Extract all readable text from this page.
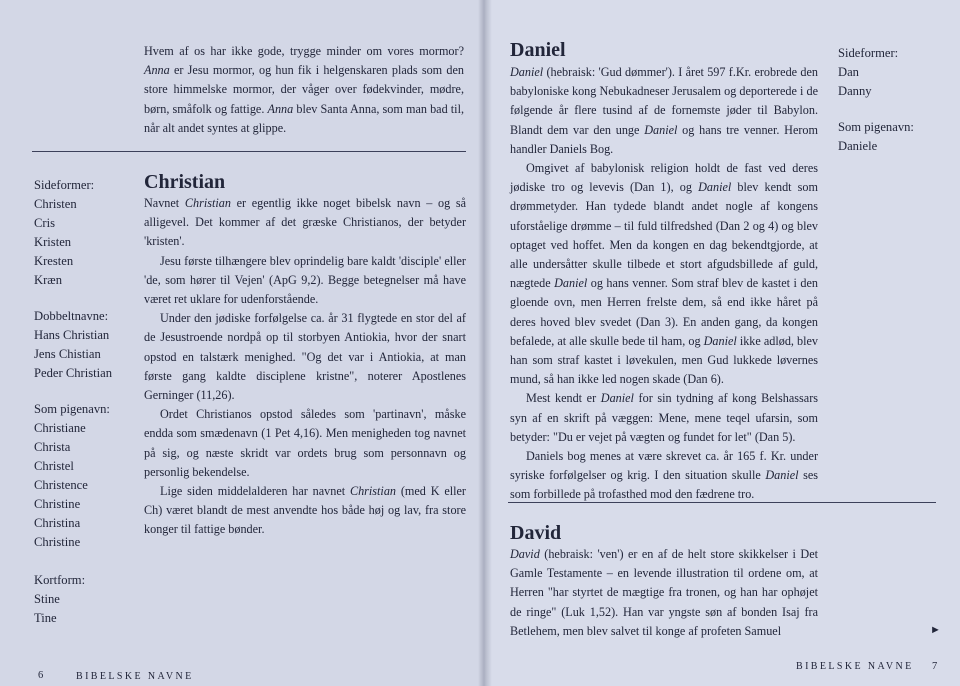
Hvem af os har ikke gode, trygge minder om vores mormor? Anna er Jesu mormor, og hun fik i helgenskaren plads som den store himmelske mormor, der våger over fødekvinder, mødre, børn, småfolk og fattige. Anna blev Santa Anna, som man bad til, når alt andet syntes at glippe.

Sideformer:
Christen
Cris
Kristen
Kresten
Kræn
Dobbeltnavne:
Hans Christian
Jens Chistian
Peder Christian
Som pigenavn:
Christiane
Christa
Christel
Christence
Christine
Christina
Christine
Kortform:
Stine
Tine
Christian

Navnet Christian er egentlig ikke noget bibelsk navn – og så alligevel. Det kommer af det græske Christianos, der betyder 'kristen'.

Jesu første tilhængere blev oprindelig bare kaldt 'disciple' eller 'de, som hører til Vejen' (ApG 9,2). Begge betegnelser må have været ret uklare for udenforstående.

Under den jødiske forfølgelse ca. år 31 flygtede en stor del af de Jesustroende nordpå op til storbyen Antiokia, hvor der snart opstod en talstærk menighed. "Og det var i Antiokia, at man første gang kaldte disciplene kristne", noterer Apostlenes Gerninger (11,26).

Ordet Christianos opstod således som 'partinavn', måske endda som smædenavn (1 Pet 4,16). Men menigheden tog navnet på sig, og næste skridt var ordets brug som personnavn og personlig bekendelse.

Lige siden middelalderen har navnet Christian (med K eller Ch) været blandt de mest anvendte hos både høj og lav, fra store konger til fattige bønder.

6	BIBELSKE NAVNE
Daniel	Sideformer:
Dan
Danny
Som pigenavn:
Daniele

Daniel (hebraisk: 'Gud dømmer'). I året 597 f.Kr. erobrede den babyloniske kong Nebukadneser Jerusalem og deporterede i de følgende år flere tusind af de fornemste jøder til Babylon. Blandt dem var den unge Daniel og hans tre venner. Herom handler Daniels Bog.

Omgivet af babylonisk religion holdt de fast ved deres jødiske tro og levevis (Dan 1), og Daniel blev kendt som drømmetyder. Han tydede blandt andet nogle af kongens uforståelige drømme – til fuld tilfredshed (Dan 2 og 4) og blev optaget ved hoffet. Men da kongen en dag bekendtgjorde, at alle undersåtter skulle tilbede et stort afgudsbillede af guld, nægtede Daniel og hans venner. Som straf blev de kastet i den gloende ovn, men Herren frelste dem, så end ikke håret på deres hoved blev svedet (Dan 3). En anden gang, da kongen befalede, at alle skulle bede til ham, og Daniel ikke adlød, blev han som straf kastet i løvekulen, men Gud lukkede løvernes mund, så han ikke led nogen skade (Dan 6).

Mest kendt er Daniel for sin tydning af kong Belshassars syn af en skrift på væggen: Mene, mene teqel ufarsin, som betyder: "Du er vejet på vægten og fundet for let" (Dan 5).

Daniels bog menes at være skrevet ca. år 165 f. Kr. under syriske forfølgelser og krig. I den situation skulle Daniel ses som forbillede på trofasthed mod den fædrene tro.

David

David (hebraisk: 'ven') er en af de helt store skikkelser i Det Gamle Testamente – en levende illustration til ordene om, at Herren "har styrtet de mægtige fra tronen, og han har ophøjet de ringe" (Luk 1,52). Han var yngste søn af bonden Isaj fra Betlehem, men blev salvet til konge af profeten Samuel	►
BIBELSKE NAVNE 7
